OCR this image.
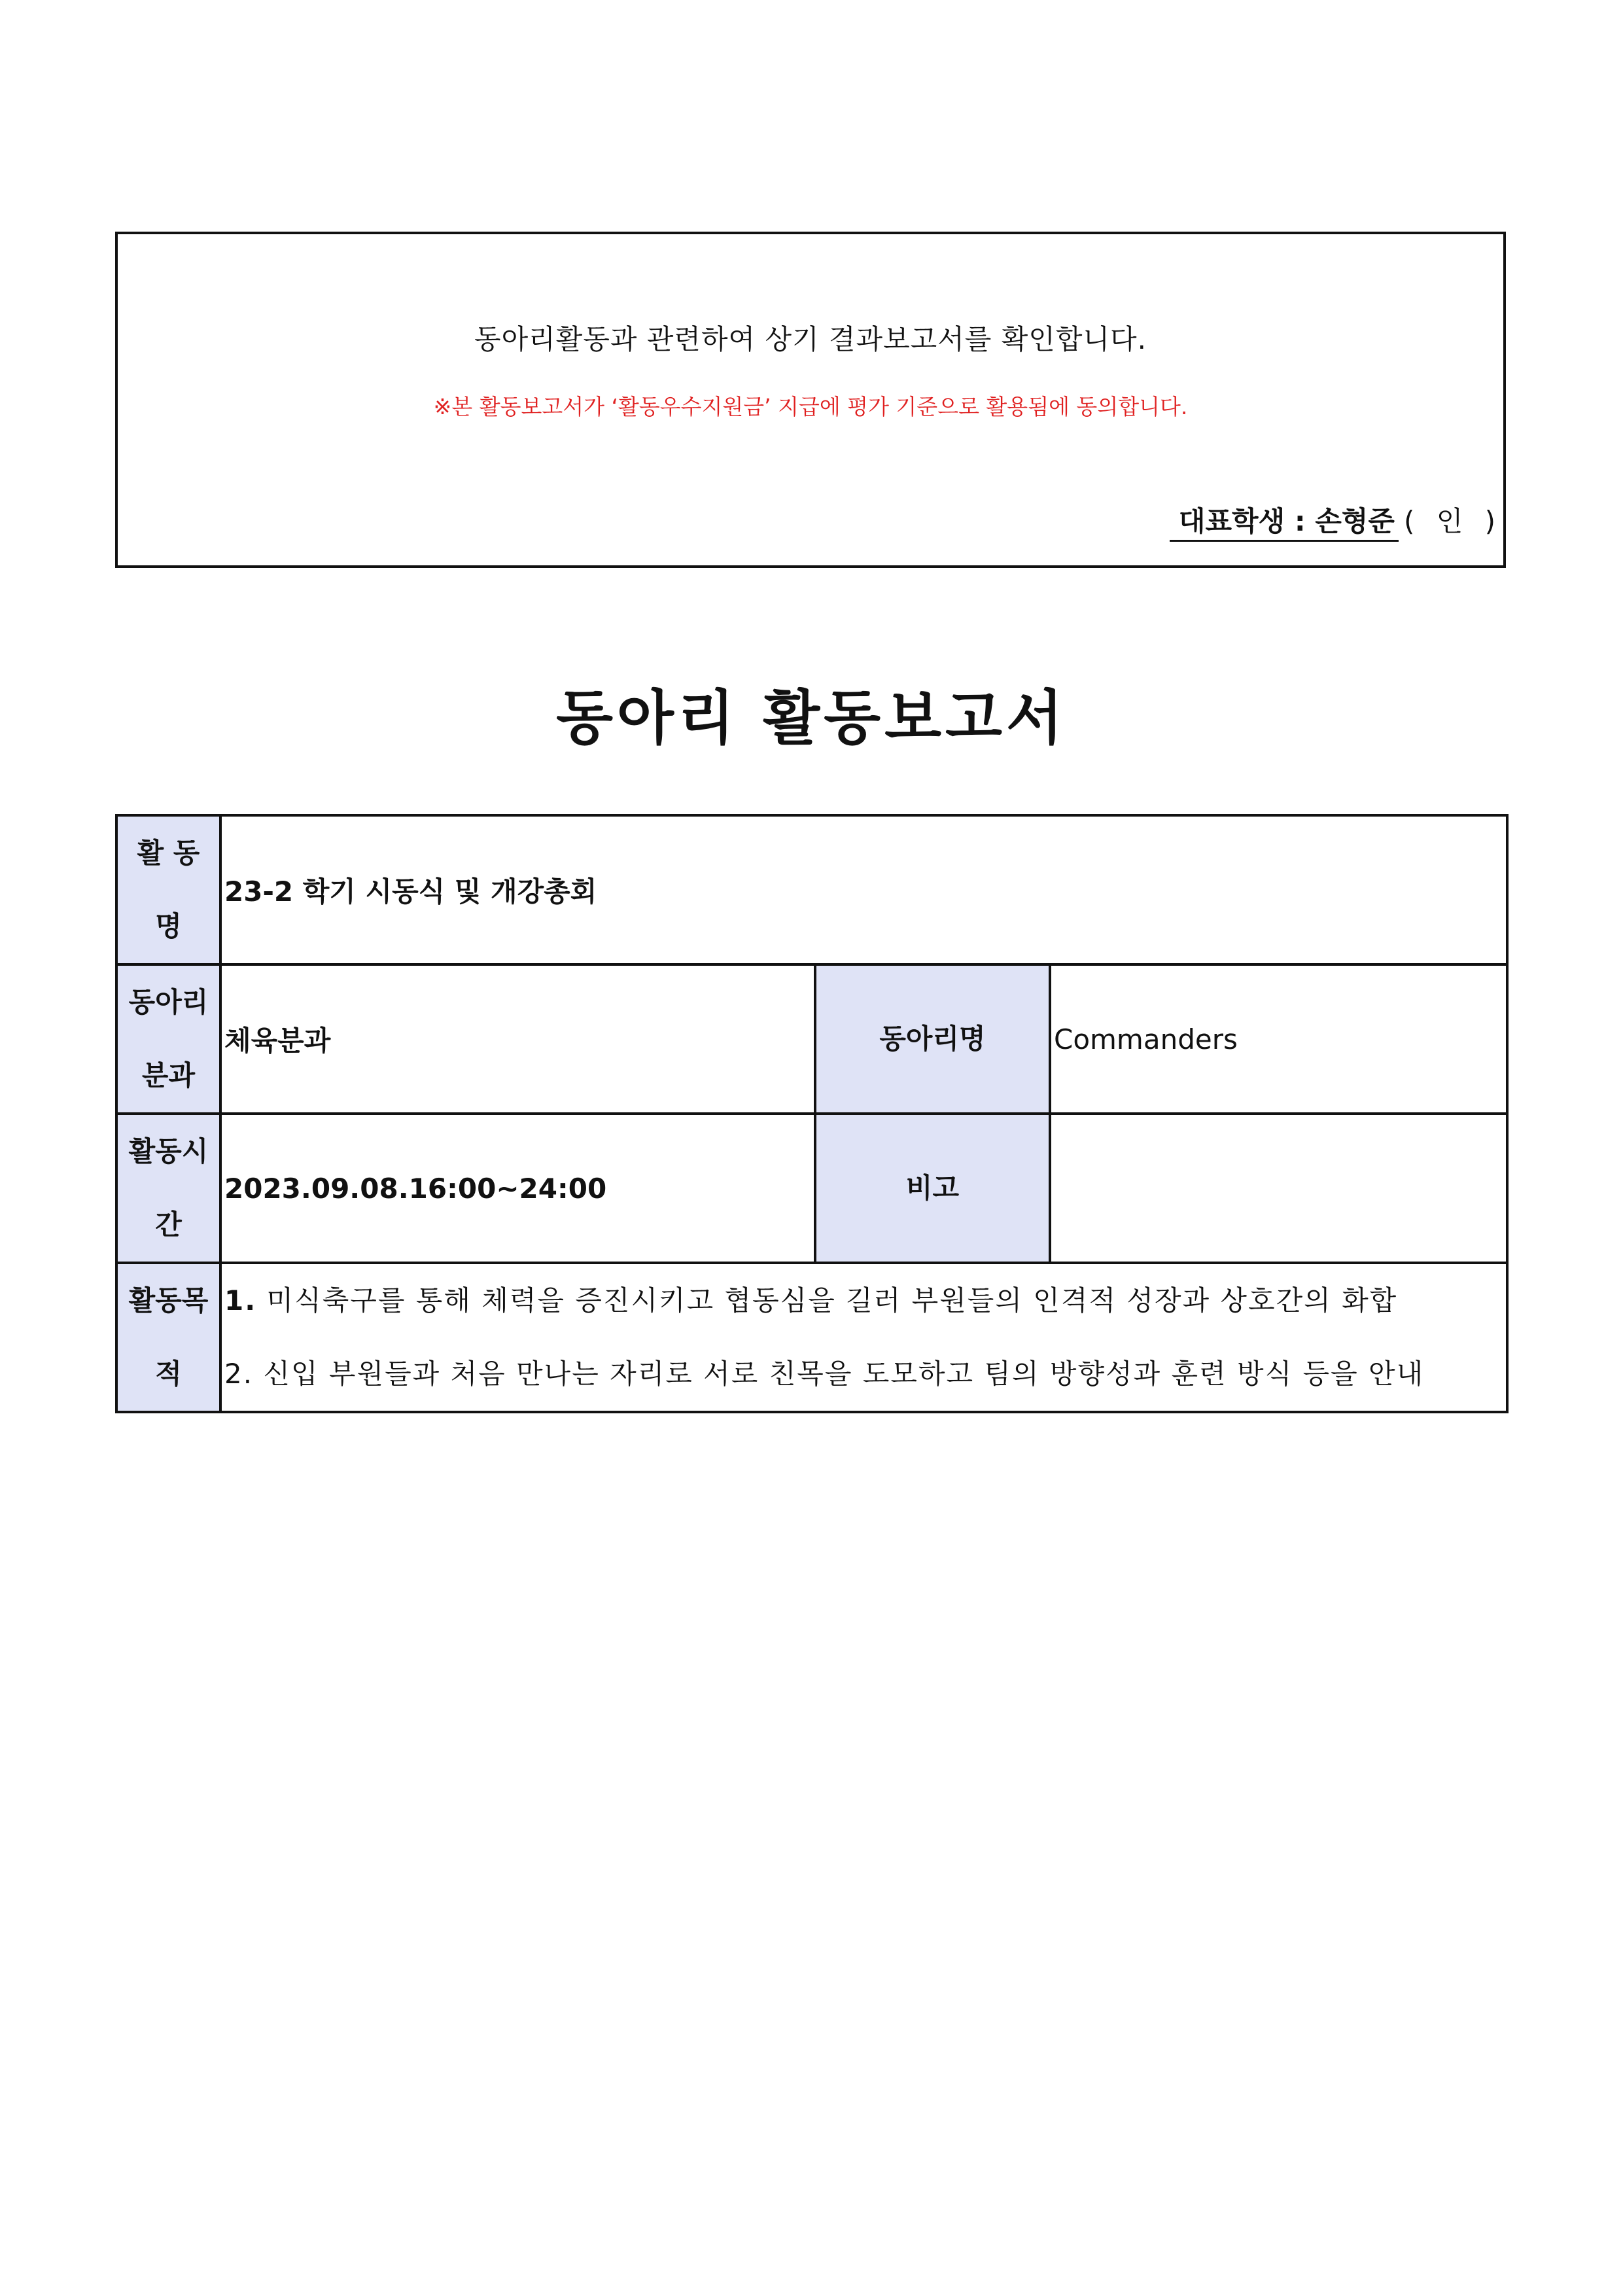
동아리활동과 관련하여 상기 결과보고서를 확인합니다.
※본 활동보고서가 ‘활동우수지원금’ 지급에 평가 기준으로 활용됨에 동의합니다.
대표학생 : 손형준 ( 인 )
동아리 활동보고서
활 동
명	23-2 학기 시동식 및 개강총회		

동아리
분과	체육분과	동아리명	Commanders

활동시
간	2023.09.08.16:00~24:00	비고	

활동목
적	1. 미식축구를 통해 체력을 증진시키고 협동심을 길러 부원들의 인격적 성장과 상호간의 화합
2. 신입 부원들과 처음 만나는 자리로 서로 친목을 도모하고 팀의 방향성과 훈련 방식 등을 안내		
